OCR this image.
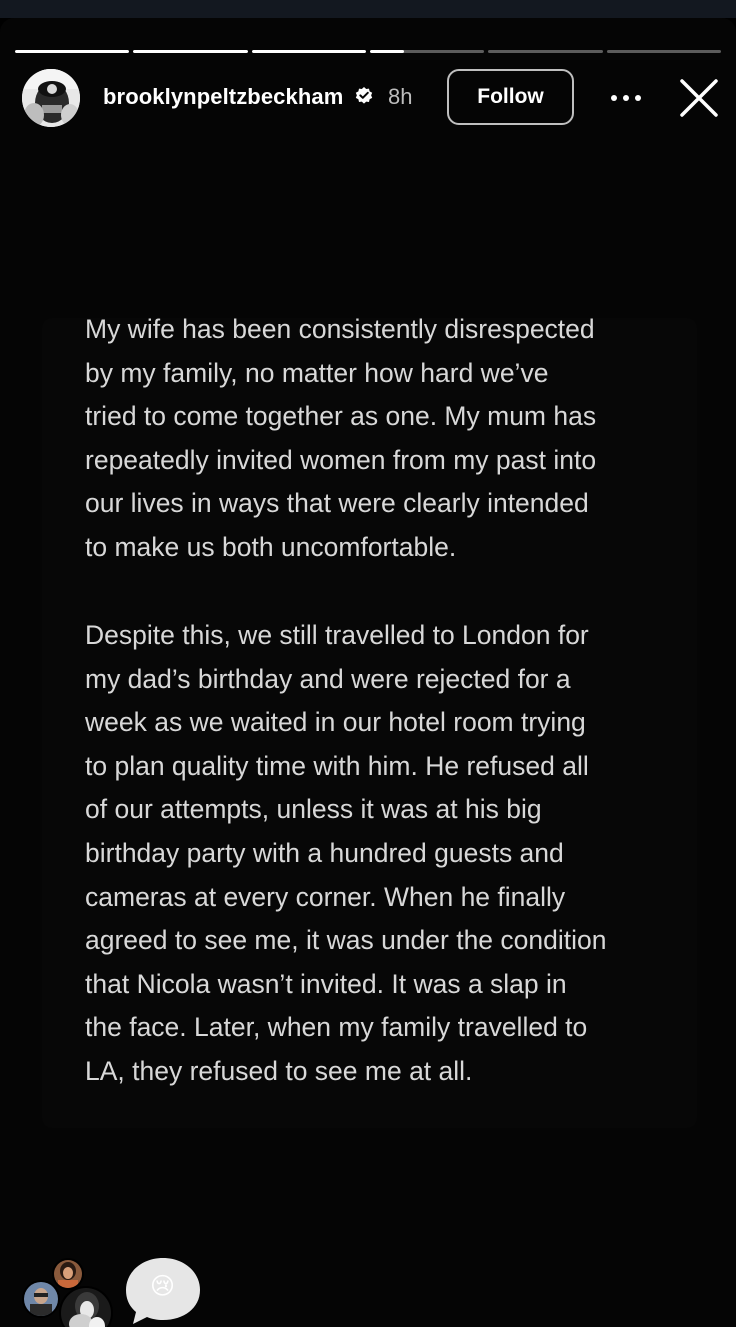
brooklynpeltzbeckham 8h	Follow

My wife has been consistently disrespected
by my family, no matter how hard we’ve
tried to come together as one. My mum has
repeatedly invited women from my past into
our lives in ways that were clearly intended
to make us both uncomfortable.

Despite this, we still travelled to London for
my dad’s birthday and were rejected for a
week as we waited in our hotel room trying
to plan quality time with him. He refused all
of our attempts, unless it was at his big
birthday party with a hundred guests and
cameras at every corner. When he finally
agreed to see me, it was under the condition
that Nicola wasn’t invited. It was a slap in
the face. Later, when my family travelled to
LA, they refused to see me at all.

😢
